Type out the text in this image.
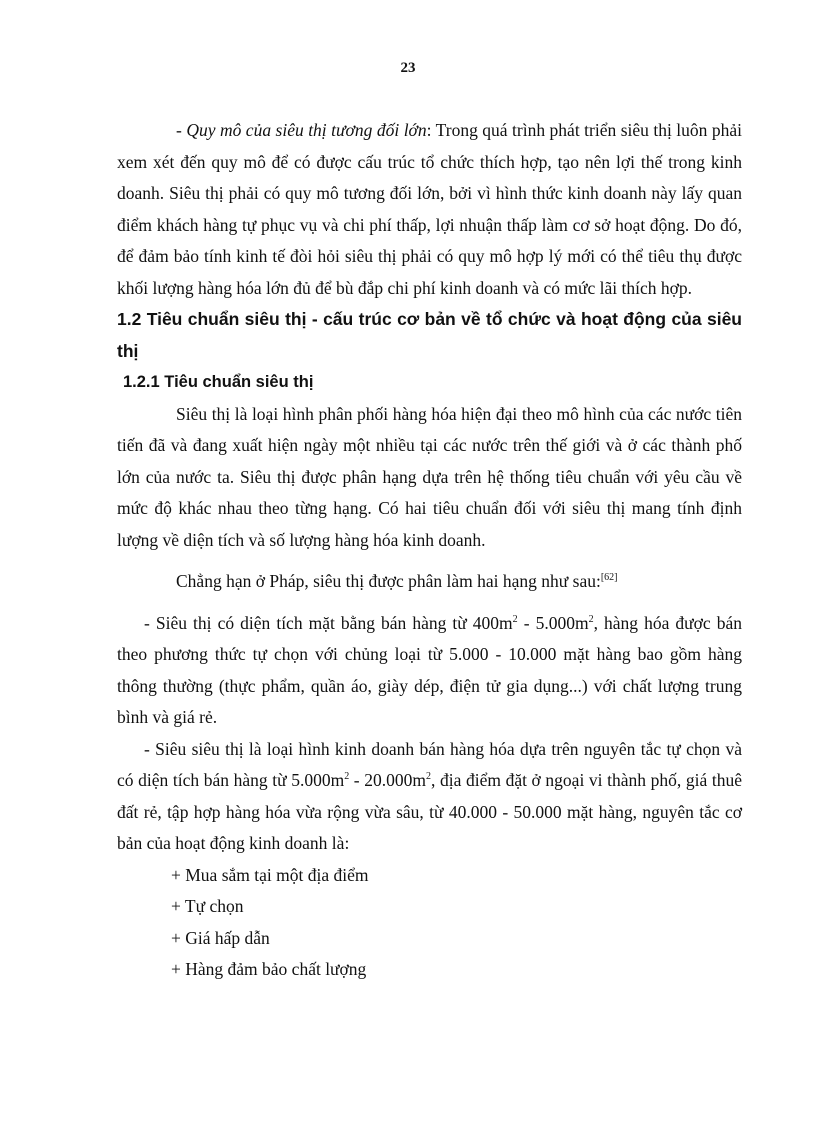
23

- Quy mô của siêu thị tương đối lớn: Trong quá trình phát triển siêu thị luôn phải xem xét đến quy mô để có được cấu trúc tổ chức thích hợp, tạo nên lợi thế trong kinh doanh. Siêu thị phải có quy mô tương đối lớn, bởi vì hình thức kinh doanh này lấy quan điểm khách hàng tự phục vụ và chi phí thấp, lợi nhuận thấp làm cơ sở hoạt động. Do đó, để đảm bảo tính kinh tế đòi hỏi siêu thị phải có quy mô hợp lý mới có thể tiêu thụ được khối lượng hàng hóa lớn đủ để bù đắp chi phí kinh doanh và có mức lãi thích hợp.

1.2 Tiêu chuẩn siêu thị - cấu trúc cơ bản về tổ chức và hoạt động của siêu thị

1.2.1 Tiêu chuẩn siêu thị

Siêu thị là loại hình phân phối hàng hóa hiện đại theo mô hình của các nước tiên tiến đã và đang xuất hiện ngày một nhiều tại các nước trên thế giới và ở các thành phố lớn của nước ta. Siêu thị được phân hạng dựa trên hệ thống tiêu chuẩn với yêu cầu về mức độ khác nhau theo từng hạng. Có hai tiêu chuẩn đối với siêu thị mang tính định lượng về diện tích và số lượng hàng hóa kinh doanh.

Chẳng hạn ở Pháp, siêu thị được phân làm hai hạng như sau:[62]

- Siêu thị có diện tích mặt bằng bán hàng từ $400m^2 - 5.000m^2$, hàng hóa được bán theo phương thức tự chọn với chủng loại từ 5.000 - 10.000 mặt hàng bao gồm hàng thông thường (thực phẩm, quần áo, giày dép, điện tử gia dụng...) với chất lượng trung bình và giá rẻ.

- Siêu siêu thị là loại hình kinh doanh bán hàng hóa dựa trên nguyên tắc tự chọn và có diện tích bán hàng từ $5.000m^2 - 20.000m^2$, địa điểm đặt ở ngoại vi thành phố, giá thuê đất rẻ, tập hợp hàng hóa vừa rộng vừa sâu, từ 40.000 - 50.000 mặt hàng, nguyên tắc cơ bản của hoạt động kinh doanh là:

+ Mua sắm tại một địa điểm

+ Tự chọn

+ Giá hấp dẫn

+ Hàng đảm bảo chất lượng
